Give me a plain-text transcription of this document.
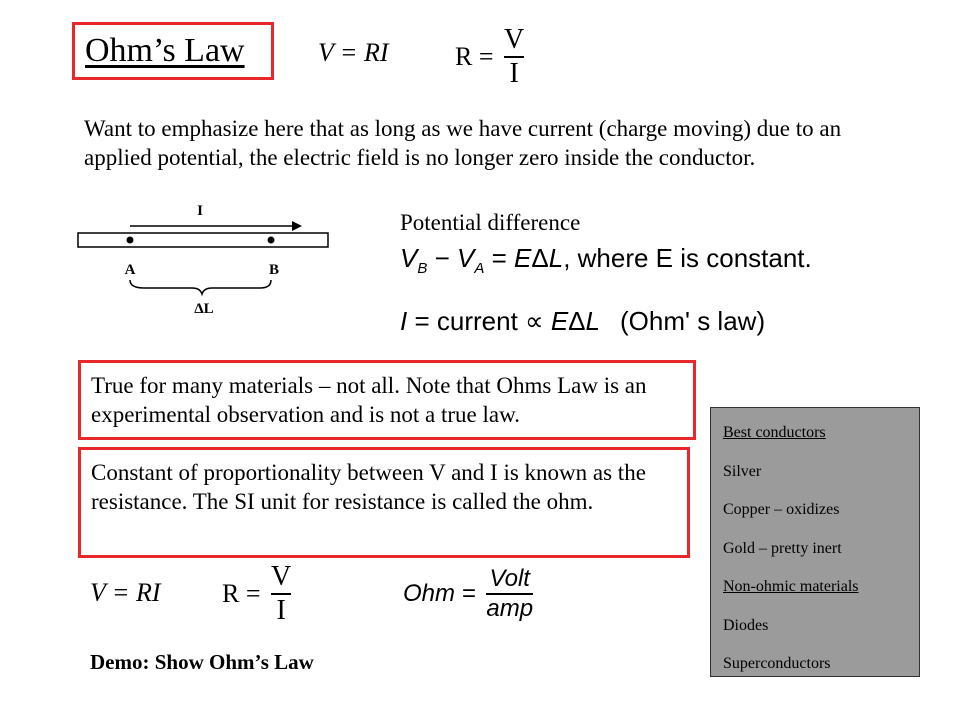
Ohm’s Law	V = RI	$R = \frac{V}{I}$
Want to emphasize here that as long as we have current (charge moving) due to an applied potential, the electric field is no longer zero inside the conductor.
I
A	B
ΔL
Potential difference
$V_B - V_A = E\Delta L$, where E is constant.
I = current ∝ EΔL (Ohm' s law)
True for many materials – not all. Note that Ohms Law is an experimental observation and is not a true law.
Constant of proportionality between V and I is known as the resistance. The SI unit for resistance is called the ohm.
V = RI $R = \frac{V}{I}$	Ohm = $\frac{\text{Volt}}{\text{amp}}$
Demo: Show Ohm’s Law
Best conductors
Silver
Copper – oxidizes
Gold – pretty inert
Non-ohmic materials
Diodes
Superconductors
